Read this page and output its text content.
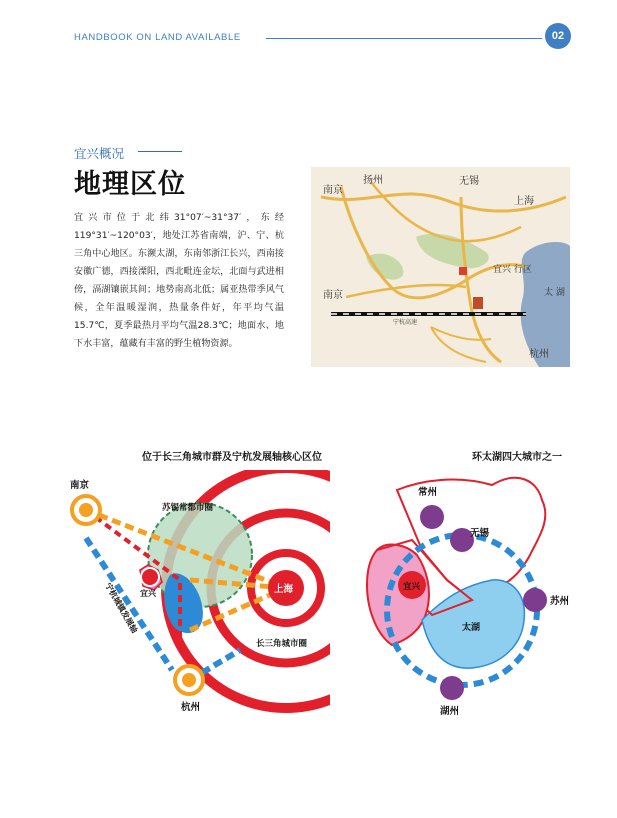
HANDBOOK ON LAND AVAILABLE	02
宜兴概况
地理区位
宜兴市位于北纬31°07′~31°37′，东经119°31′~120°03′，地处江苏省南端，沪、宁、杭三角中心地区。东濒太湖，东南邻浙江长兴，西南接安徽广德，西接溧阳，西北毗连金坛，北面与武进相傍，滆湖镶嵌其间；地势南高北低；属亚热带季风气候，全年温暖湿润，热量条件好，年平均气温15.7℃，夏季最热月平均气温28.3℃；地面水、地下水丰富，蕴藏有丰富的野生植物资源。
南京
扬州	无锡
上海
南京
宜兴 行区
太 湖
杭州
宁杭高速
位于长三角城市群及宁杭发展轴核心区位	环太湖四大城市之一
南京
杭州
上海
宜兴
苏锡常都市圈
长三角城市圈
宁杭城镇发展轴
常州
无锡
苏州
湖州
宜兴
太湖
